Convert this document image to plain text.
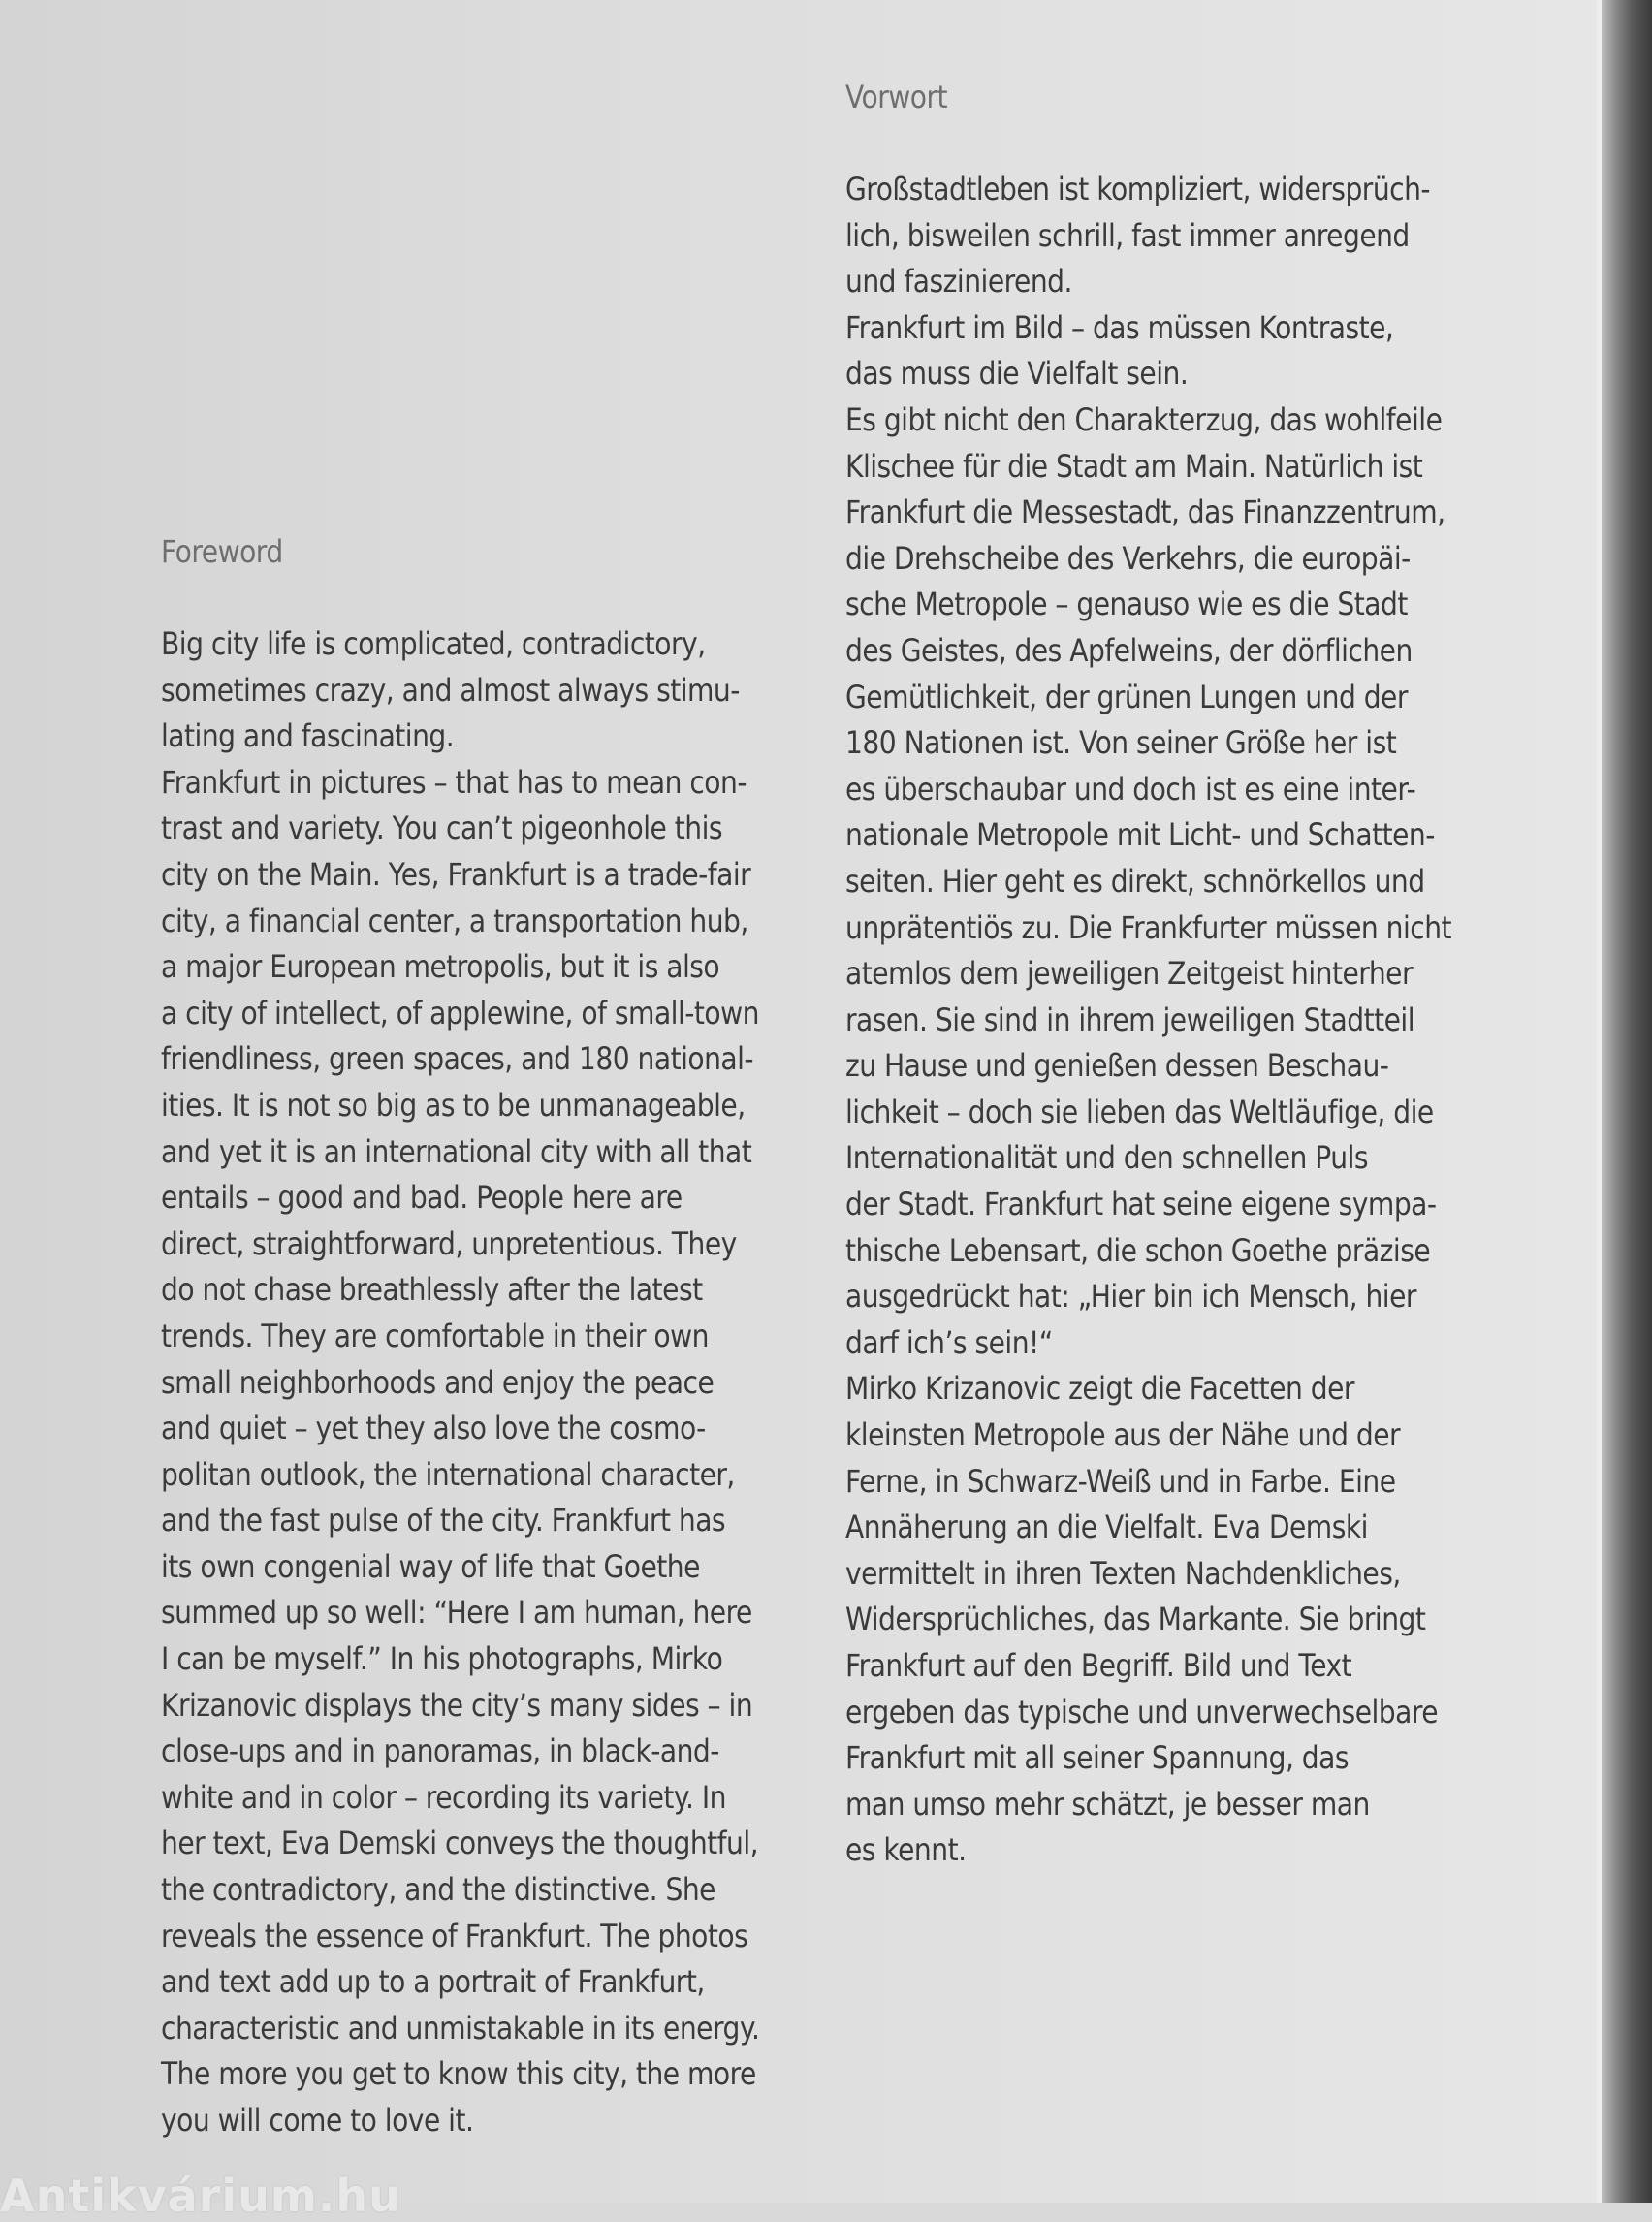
Foreword
Big city life is complicated, contradictory,
sometimes crazy, and almost always stimu-
lating and fascinating.
Frankfurt in pictures – that has to mean con-
trast and variety. You can’t pigeonhole this
city on the Main. Yes, Frankfurt is a trade-fair
city, a financial center, a transportation hub,
a major European metropolis, but it is also
a city of intellect, of applewine, of small-town
friendliness, green spaces, and 180 national-
ities. It is not so big as to be unmanageable,
and yet it is an international city with all that
entails – good and bad. People here are
direct, straightforward, unpretentious. They
do not chase breathlessly after the latest
trends. They are comfortable in their own
small neighborhoods and enjoy the peace
and quiet – yet they also love the cosmo-
politan outlook, the international character,
and the fast pulse of the city. Frankfurt has
its own congenial way of life that Goethe
summed up so well: “Here I am human, here
I can be myself.” In his photographs, Mirko
Krizanovic displays the city’s many sides – in
close-ups and in panoramas, in black-and-
white and in color – recording its variety. In
her text, Eva Demski conveys the thoughtful,
the contradictory, and the distinctive. She
reveals the essence of Frankfurt. The photos
and text add up to a portrait of Frankfurt,
characteristic and unmistakable in its energy.
The more you get to know this city, the more
you will come to love it.
Vorwort
Großstadtleben ist kompliziert, widersprüch-
lich, bisweilen schrill, fast immer anregend
und faszinierend.
Frankfurt im Bild – das müssen Kontraste,
das muss die Vielfalt sein.
Es gibt nicht den Charakterzug, das wohlfeile
Klischee für die Stadt am Main. Natürlich ist
Frankfurt die Messestadt, das Finanzzentrum,
die Drehscheibe des Verkehrs, die europäi-
sche Metropole – genauso wie es die Stadt
des Geistes, des Apfelweins, der dörflichen
Gemütlichkeit, der grünen Lungen und der
180 Nationen ist. Von seiner Größe her ist
es überschaubar und doch ist es eine inter-
nationale Metropole mit Licht- und Schatten-
seiten. Hier geht es direkt, schnörkellos und
unprätentiös zu. Die Frankfurter müssen nicht
atemlos dem jeweiligen Zeitgeist hinterher
rasen. Sie sind in ihrem jeweiligen Stadtteil
zu Hause und genießen dessen Beschau-
lichkeit – doch sie lieben das Weltläufige, die
Internationalität und den schnellen Puls
der Stadt. Frankfurt hat seine eigene sympa-
thische Lebensart, die schon Goethe präzise
ausgedrückt hat: „Hier bin ich Mensch, hier
darf ich’s sein!“
Mirko Krizanovic zeigt die Facetten der
kleinsten Metropole aus der Nähe und der
Ferne, in Schwarz-Weiß und in Farbe. Eine
Annäherung an die Vielfalt. Eva Demski
vermittelt in ihren Texten Nachdenkliches,
Widersprüchliches, das Markante. Sie bringt
Frankfurt auf den Begriff. Bild und Text
ergeben das typische und unverwechselbare
Frankfurt mit all seiner Spannung, das
man umso mehr schätzt, je besser man
es kennt.
Antikvárium.hu
